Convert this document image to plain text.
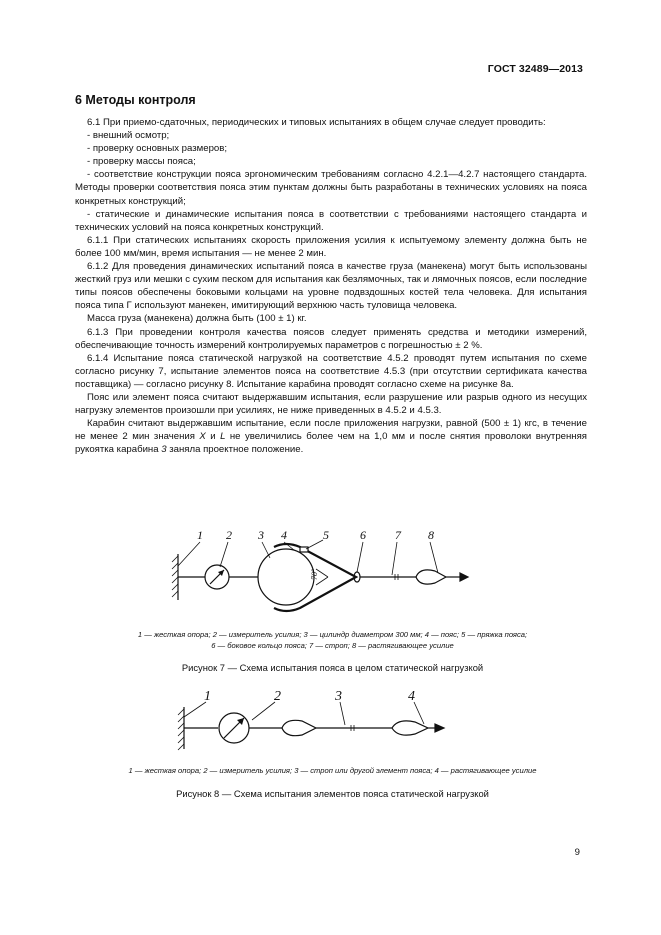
ГОСТ 32489—2013
6 Методы контроля

6.1 При приемо-сдаточных, периодических и типовых испытаниях в общем случае следует проводить:

- внешний осмотр;

- проверку основных размеров;

- проверку массы пояса;

- соответствие конструкции пояса эргономическим требованиям согласно 4.2.1—4.2.7 настоящего стандарта. Методы проверки соответствия пояса этим пунктам должны быть разработаны в технических условиях на пояса конкретных конструкций;

- статические и динамические испытания пояса в соответствии с требованиями настоящего стандарта и технических условий на пояса конкретных конструкций.

6.1.1 При статических испытаниях скорость приложения усилия к испытуемому элементу должна быть не более 100 мм/мин, время испытания — не менее 2 мин.

6.1.2 Для проведения динамических испытаний пояса в качестве груза (манекена) могут быть использованы жесткий груз или мешки с сухим песком для испытания как безлямочных, так и лямочных поясов, если последние типы поясов обеспечены боковыми кольцами на уровне подвздошных костей тела человека. Для испытания пояса типа Г используют манекен, имитирующий верхнюю часть туловища человека.

Масса груза (манекена) должна быть (100 ± 1) кг.

6.1.3 При проведении контроля качества поясов следует применять средства и методики измерений, обеспечивающие точность измерений контролируемых параметров с погрешностью ± 2 %.

6.1.4 Испытание пояса статической нагрузкой на соответствие 4.5.2 проводят путем испытания по схеме согласно рисунку 7, испытание элементов пояса на соответствие 4.5.3 (при отсутствии сертификата качества поставщика) — согласно рисунку 8. Испытание карабина проводят согласно схеме на рисунке 8а.

Пояс или элемент пояса считают выдержавшим испытания, если разрушение или разрыв одного из несущих нагрузку элементов произошли при усилиях, не ниже приведенных в 4.5.2 и 4.5.3.

Карабин считают выдержавшим испытание, если после приложения нагрузки, равной (500 ± 1) кгс, в течение не менее 2 мин значения X и L не увеличились более чем на 1,0 мм и после снятия проволоки внутренняя рукоятка карабина 3 заняла проектное положение.

1 2 3 4	5	6 7 8
70°
1 — жесткая опора; 2 — измеритель усилия; 3 — цилиндр диаметром 300 мм; 4 — пояс; 5 — пряжка пояса;
6 — боковое кольцо пояса; 7 — строп; 8 — растягивающее усилие
Рисунок 7 — Схема испытания пояса в целом статической нагрузкой
1	2	3	4
1 — жесткая опора; 2 — измеритель усилия; 3 — строп или другой элемент пояса; 4 — растягивающее усилие
Рисунок 8 — Схема испытания элементов пояса статической нагрузкой
9
